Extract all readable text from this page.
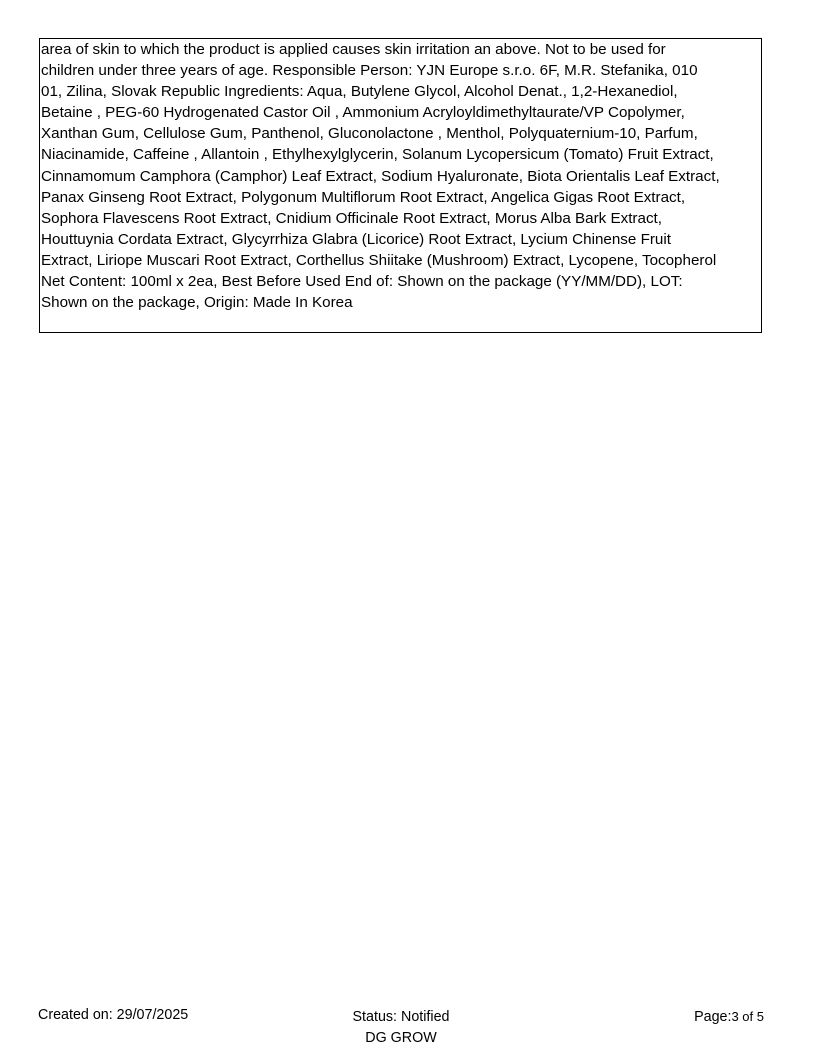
area of skin to which the product is applied causes skin irritation an above. Not to be used for
children under three years of age. Responsible Person: YJN Europe s.r.o. 6F, M.R. Stefanika, 010
01, Zilina, Slovak Republic Ingredients: Aqua, Butylene Glycol, Alcohol Denat., 1,2-Hexanediol,
Betaine , PEG-60 Hydrogenated Castor Oil , Ammonium Acryloyldimethyltaurate/VP Copolymer,
Xanthan Gum, Cellulose Gum, Panthenol, Gluconolactone , Menthol, Polyquaternium-10, Parfum,
Niacinamide, Caffeine , Allantoin , Ethylhexylglycerin, Solanum Lycopersicum (Tomato) Fruit Extract,
Cinnamomum Camphora (Camphor) Leaf Extract, Sodium Hyaluronate, Biota Orientalis Leaf Extract,
Panax Ginseng Root Extract, Polygonum Multiflorum Root Extract, Angelica Gigas Root Extract,
Sophora Flavescens Root Extract, Cnidium Officinale Root Extract, Morus Alba Bark Extract,
Houttuynia Cordata Extract, Glycyrrhiza Glabra (Licorice) Root Extract, Lycium Chinense Fruit
Extract, Liriope Muscari Root Extract, Corthellus Shiitake (Mushroom) Extract, Lycopene, Tocopherol
Net Content: 100ml x 2ea, Best Before Used End of: Shown on the package (YY/MM/DD), LOT:
Shown on the package, Origin: Made In Korea
Created on: 29/07/2025	Status: Notified
DG GROW
Page:3 of 5
